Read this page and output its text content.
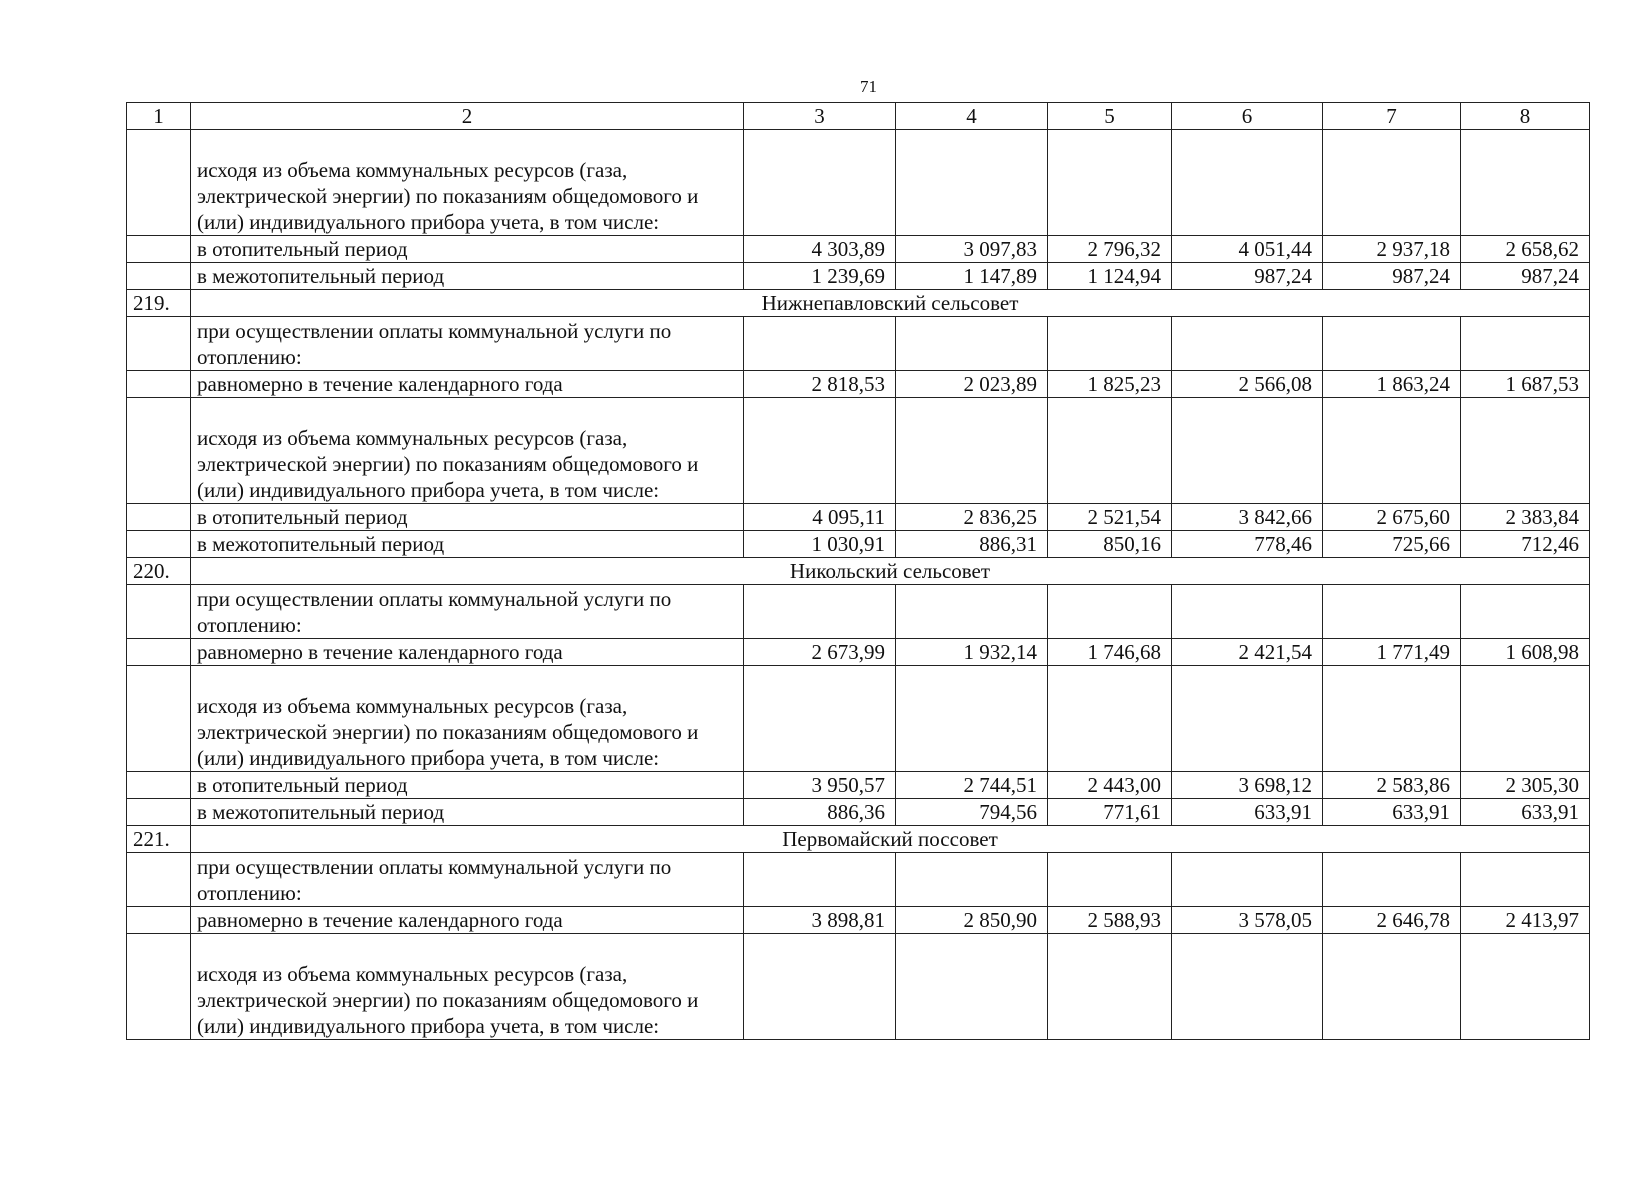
71
1	2	3	4	5	6	7	8
	исходя из объема коммунальных ресурсов (газа, электрической энергии) по показаниям общедомового и (или) индивидуального прибора учета, в том числе:						
	в отопительный период	4 303,89	3 097,83	2 796,32	4 051,44	2 937,18	2 658,62
	в межотопительный период	1 239,69	1 147,89	1 124,94	987,24	987,24	987,24
219.	Нижнепавловский сельсовет						
	при осуществлении оплаты коммунальной услуги по отоплению:						
	равномерно в течение календарного года	2 818,53	2 023,89	1 825,23	2 566,08	1 863,24	1 687,53
	исходя из объема коммунальных ресурсов (газа, электрической энергии) по показаниям общедомового и (или) индивидуального прибора учета, в том числе:						
	в отопительный период	4 095,11	2 836,25	2 521,54	3 842,66	2 675,60	2 383,84
	в межотопительный период	1 030,91	886,31	850,16	778,46	725,66	712,46
220.	Никольский сельсовет						
	при осуществлении оплаты коммунальной услуги по отоплению:						
	равномерно в течение календарного года	2 673,99	1 932,14	1 746,68	2 421,54	1 771,49	1 608,98
	исходя из объема коммунальных ресурсов (газа, электрической энергии) по показаниям общедомового и (или) индивидуального прибора учета, в том числе:						
	в отопительный период	3 950,57	2 744,51	2 443,00	3 698,12	2 583,86	2 305,30
	в межотопительный период	886,36	794,56	771,61	633,91	633,91	633,91
221.	Первомайский поссовет						
	при осуществлении оплаты коммунальной услуги по отоплению:						
	равномерно в течение календарного года	3 898,81	2 850,90	2 588,93	3 578,05	2 646,78	2 413,97
	исходя из объема коммунальных ресурсов (газа, электрической энергии) по показаниям общедомового и (или) индивидуального прибора учета, в том числе:						
